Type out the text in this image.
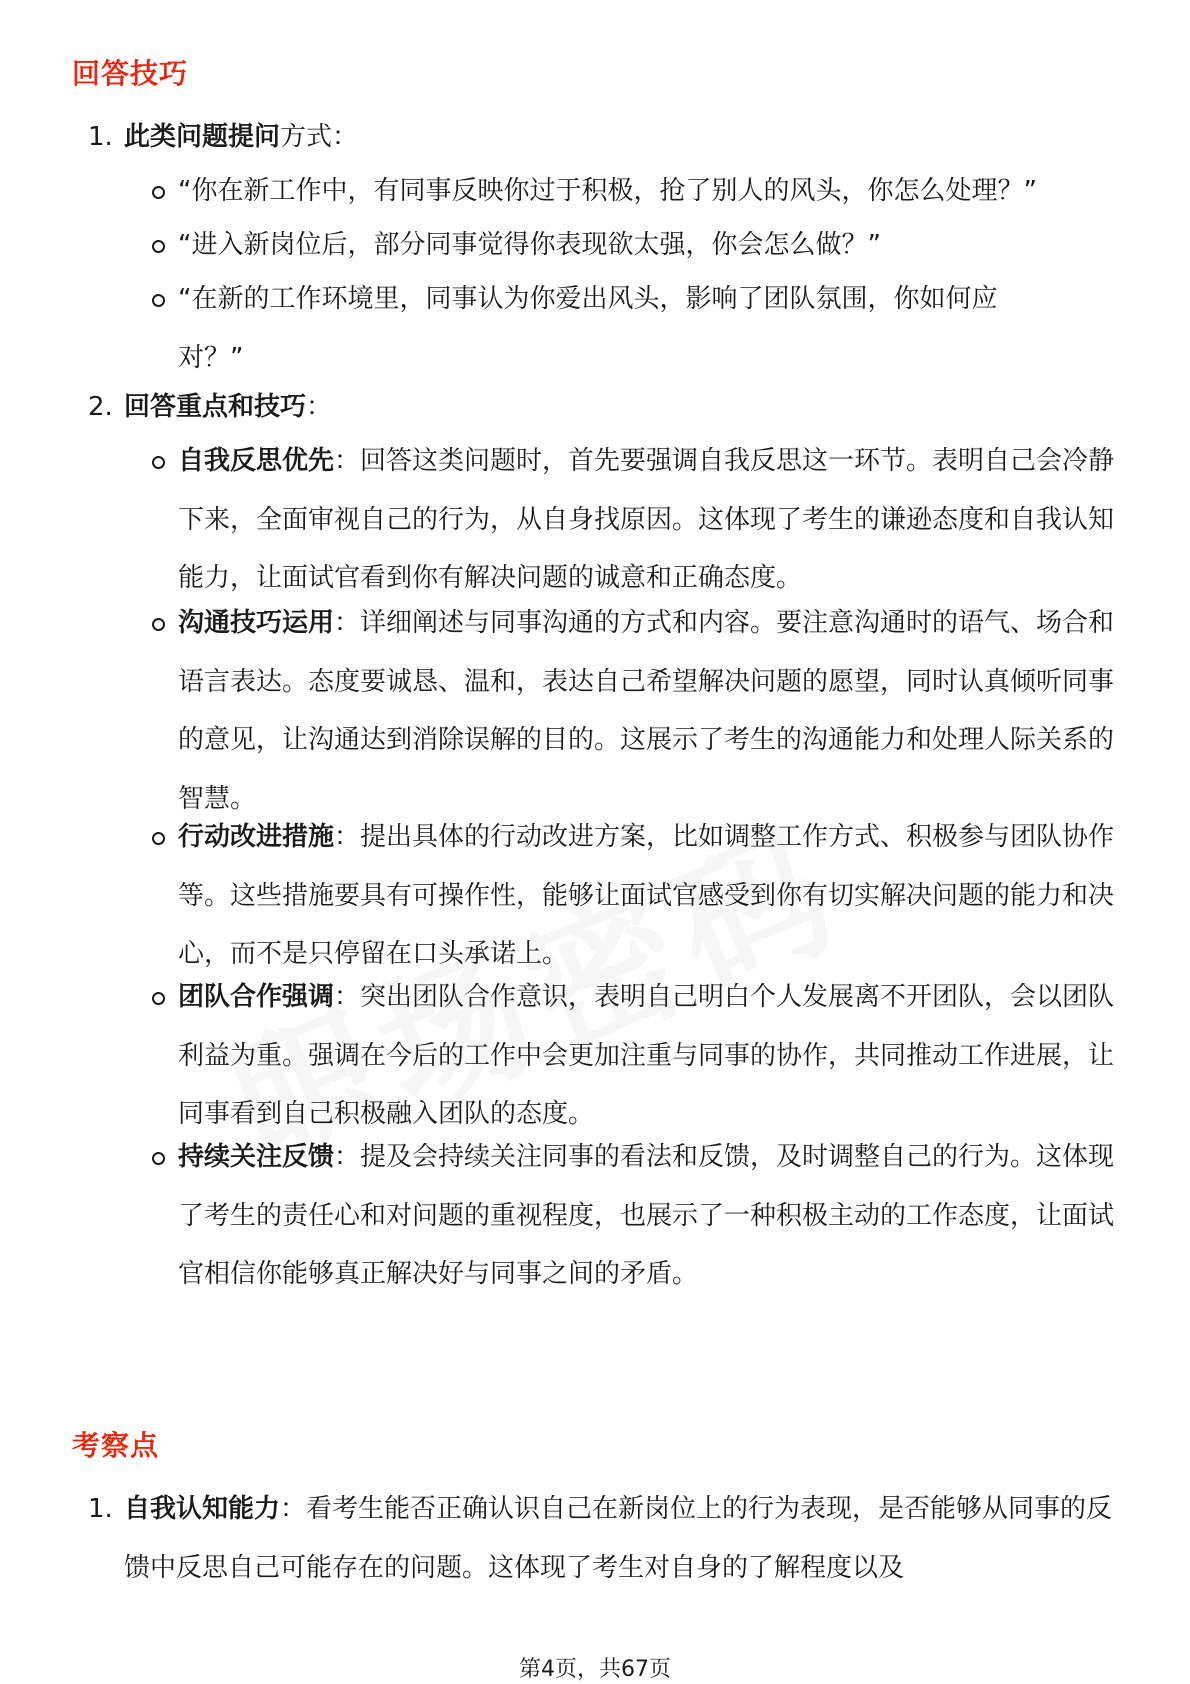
回答技巧
1. 此类问题提问方式：
“你在新工作中，有同事反映你过于积极，抢了别人的风头，你怎么处理？”
“进入新岗位后，部分同事觉得你表现欲太强，你会怎么做？”
“在新的工作环境里，同事认为你爱出风头，影响了团队氛围，你如何应对？”
2. 回答重点和技巧：
自我反思优先：回答这类问题时，首先要强调自我反思这一环节。表明自己会冷静下来，全面审视自己的行为，从自身找原因。这体现了考生的谦逊态度和自我认知能力，让面试官看到你有解决问题的诚意和正确态度。
沟通技巧运用：详细阐述与同事沟通的方式和内容。要注意沟通时的语气、场合和语言表达。态度要诚恳、温和，表达自己希望解决问题的愿望，同时认真倾听同事的意见，让沟通达到消除误解的目的。这展示了考生的沟通能力和处理人际关系的智慧。
行动改进措施：提出具体的行动改进方案，比如调整工作方式、积极参与团队协作等。这些措施要具有可操作性，能够让面试官感受到你有切实解决问题的能力和决心，而不是只停留在口头承诺上。
团队合作强调：突出团队合作意识，表明自己明白个人发展离不开团队，会以团队利益为重。强调在今后的工作中会更加注重与同事的协作，共同推动工作进展，让同事看到自己积极融入团队的态度。
持续关注反馈：提及会持续关注同事的看法和反馈，及时调整自己的行为。这体现了考生的责任心和对问题的重视程度，也展示了一种积极主动的工作态度，让面试官相信你能够真正解决好与同事之间的矛盾。
考察点
1. 自我认知能力：看考生能否正确认识自己在新岗位上的行为表现，是否能够从同事的反馈中反思自己可能存在的问题。这体现了考生对自身的了解程度以及
第4页，共67页
